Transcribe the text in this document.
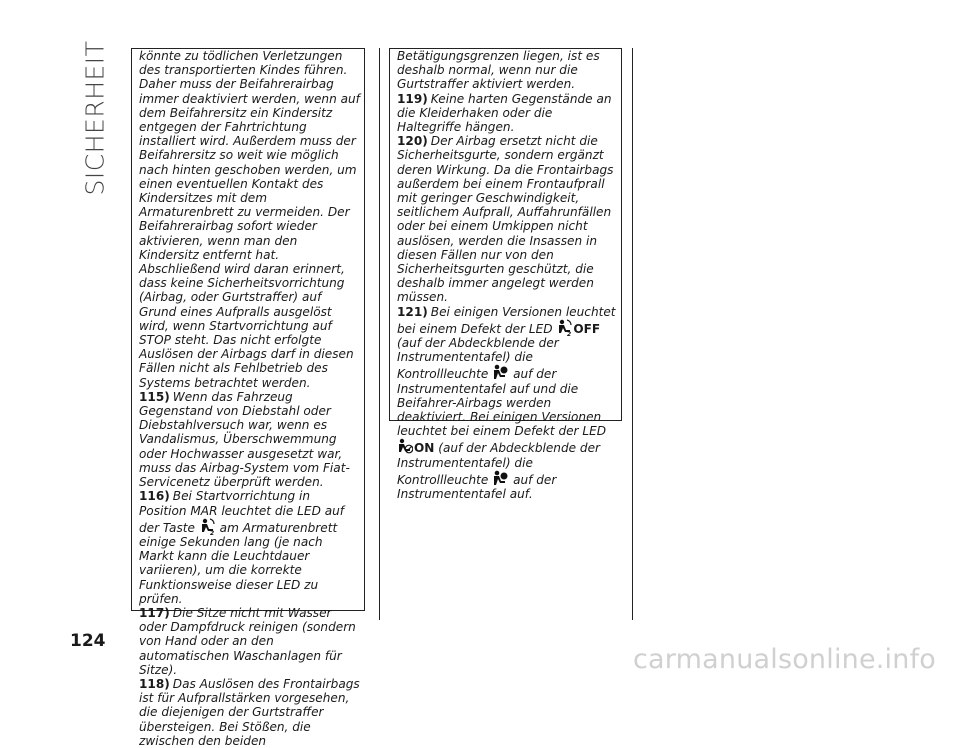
SICHERHEIT könnte zu tödlichen Verletzungen des transportierten Kindes führen. Daher muss der Beifahrerairbag immer deaktiviert werden, wenn auf dem Beifahrersitz ein Kindersitz entgegen der Fahrtrichtung installiert wird. Außerdem muss der Beifahrersitz so weit wie möglich nach hinten geschoben werden, um einen eventuellen Kontakt des Kindersitzes mit dem Armaturenbrett zu vermeiden. Der Beifahrerairbag sofort wieder aktivieren, wenn man den Kindersitz entfernt hat. Abschließend wird daran erinnert, dass keine Sicherheitsvorrichtung (Airbag, oder Gurtstraffer) auf Grund eines Aufpralls ausgelöst wird, wenn Startvorrichtung auf STOP steht. Das nicht erfolgte Auslösen der Airbags darf in diesen Fällen nicht als Fehlbetrieb des Systems betrachtet werden.

115) Wenn das Fahrzeug Gegenstand von Diebstahl oder Diebstahlversuch war, wenn es Vandalismus, Überschwemmung oder Hochwasser ausgesetzt war, muss das Airbag-System vom Fiat-Servicenetz überprüft werden.

116) Bei Startvorrichtung in Position MAR leuchtet die LED auf der Taste 2 am Armaturenbrett einige Sekunden lang (je nach Markt kann die Leuchtdauer variieren), um die korrekte Funktionsweise dieser LED zu prüfen.

117) Die Sitze nicht mit Wasser oder Dampfdruck reinigen (sondern von Hand oder an den automatischen Waschanlagen für Sitze).

118) Das Auslösen des Frontairbags ist für Aufprallstärken vorgesehen, die diejenigen der Gurtstraffer übersteigen. Bei Stößen, die zwischen den beiden

Betätigungsgrenzen liegen, ist es deshalb normal, wenn nur die Gurtstraffer aktiviert werden.

119) Keine harten Gegenstände an die Kleiderhaken oder die Haltegriffe hängen.

120) Der Airbag ersetzt nicht die Sicherheitsgurte, sondern ergänzt deren Wirkung. Da die Frontairbags außerdem bei einem Frontaufprall mit geringer Geschwindigkeit, seitlichem Aufprall, Auffahrunfällen oder bei einem Umkippen nicht auslösen, werden die Insassen in diesen Fällen nur von den Sicherheitsgurten geschützt, die deshalb immer angelegt werden müssen.

121) Bei einigen Versionen leuchtet bei einem Defekt der LED 2 OFF (auf der Abdeckblende der Instrumententafel) die Kontrollleuchte auf der Instrumententafel auf und die Beifahrer-Airbags werden deaktiviert. Bei einigen Versionen leuchtet bei einem Defekt der LED ON (auf der Abdeckblende der Instrumententafel) die Kontrollleuchte auf der Instrumententafel auf.

124
carmanualsonline.info
